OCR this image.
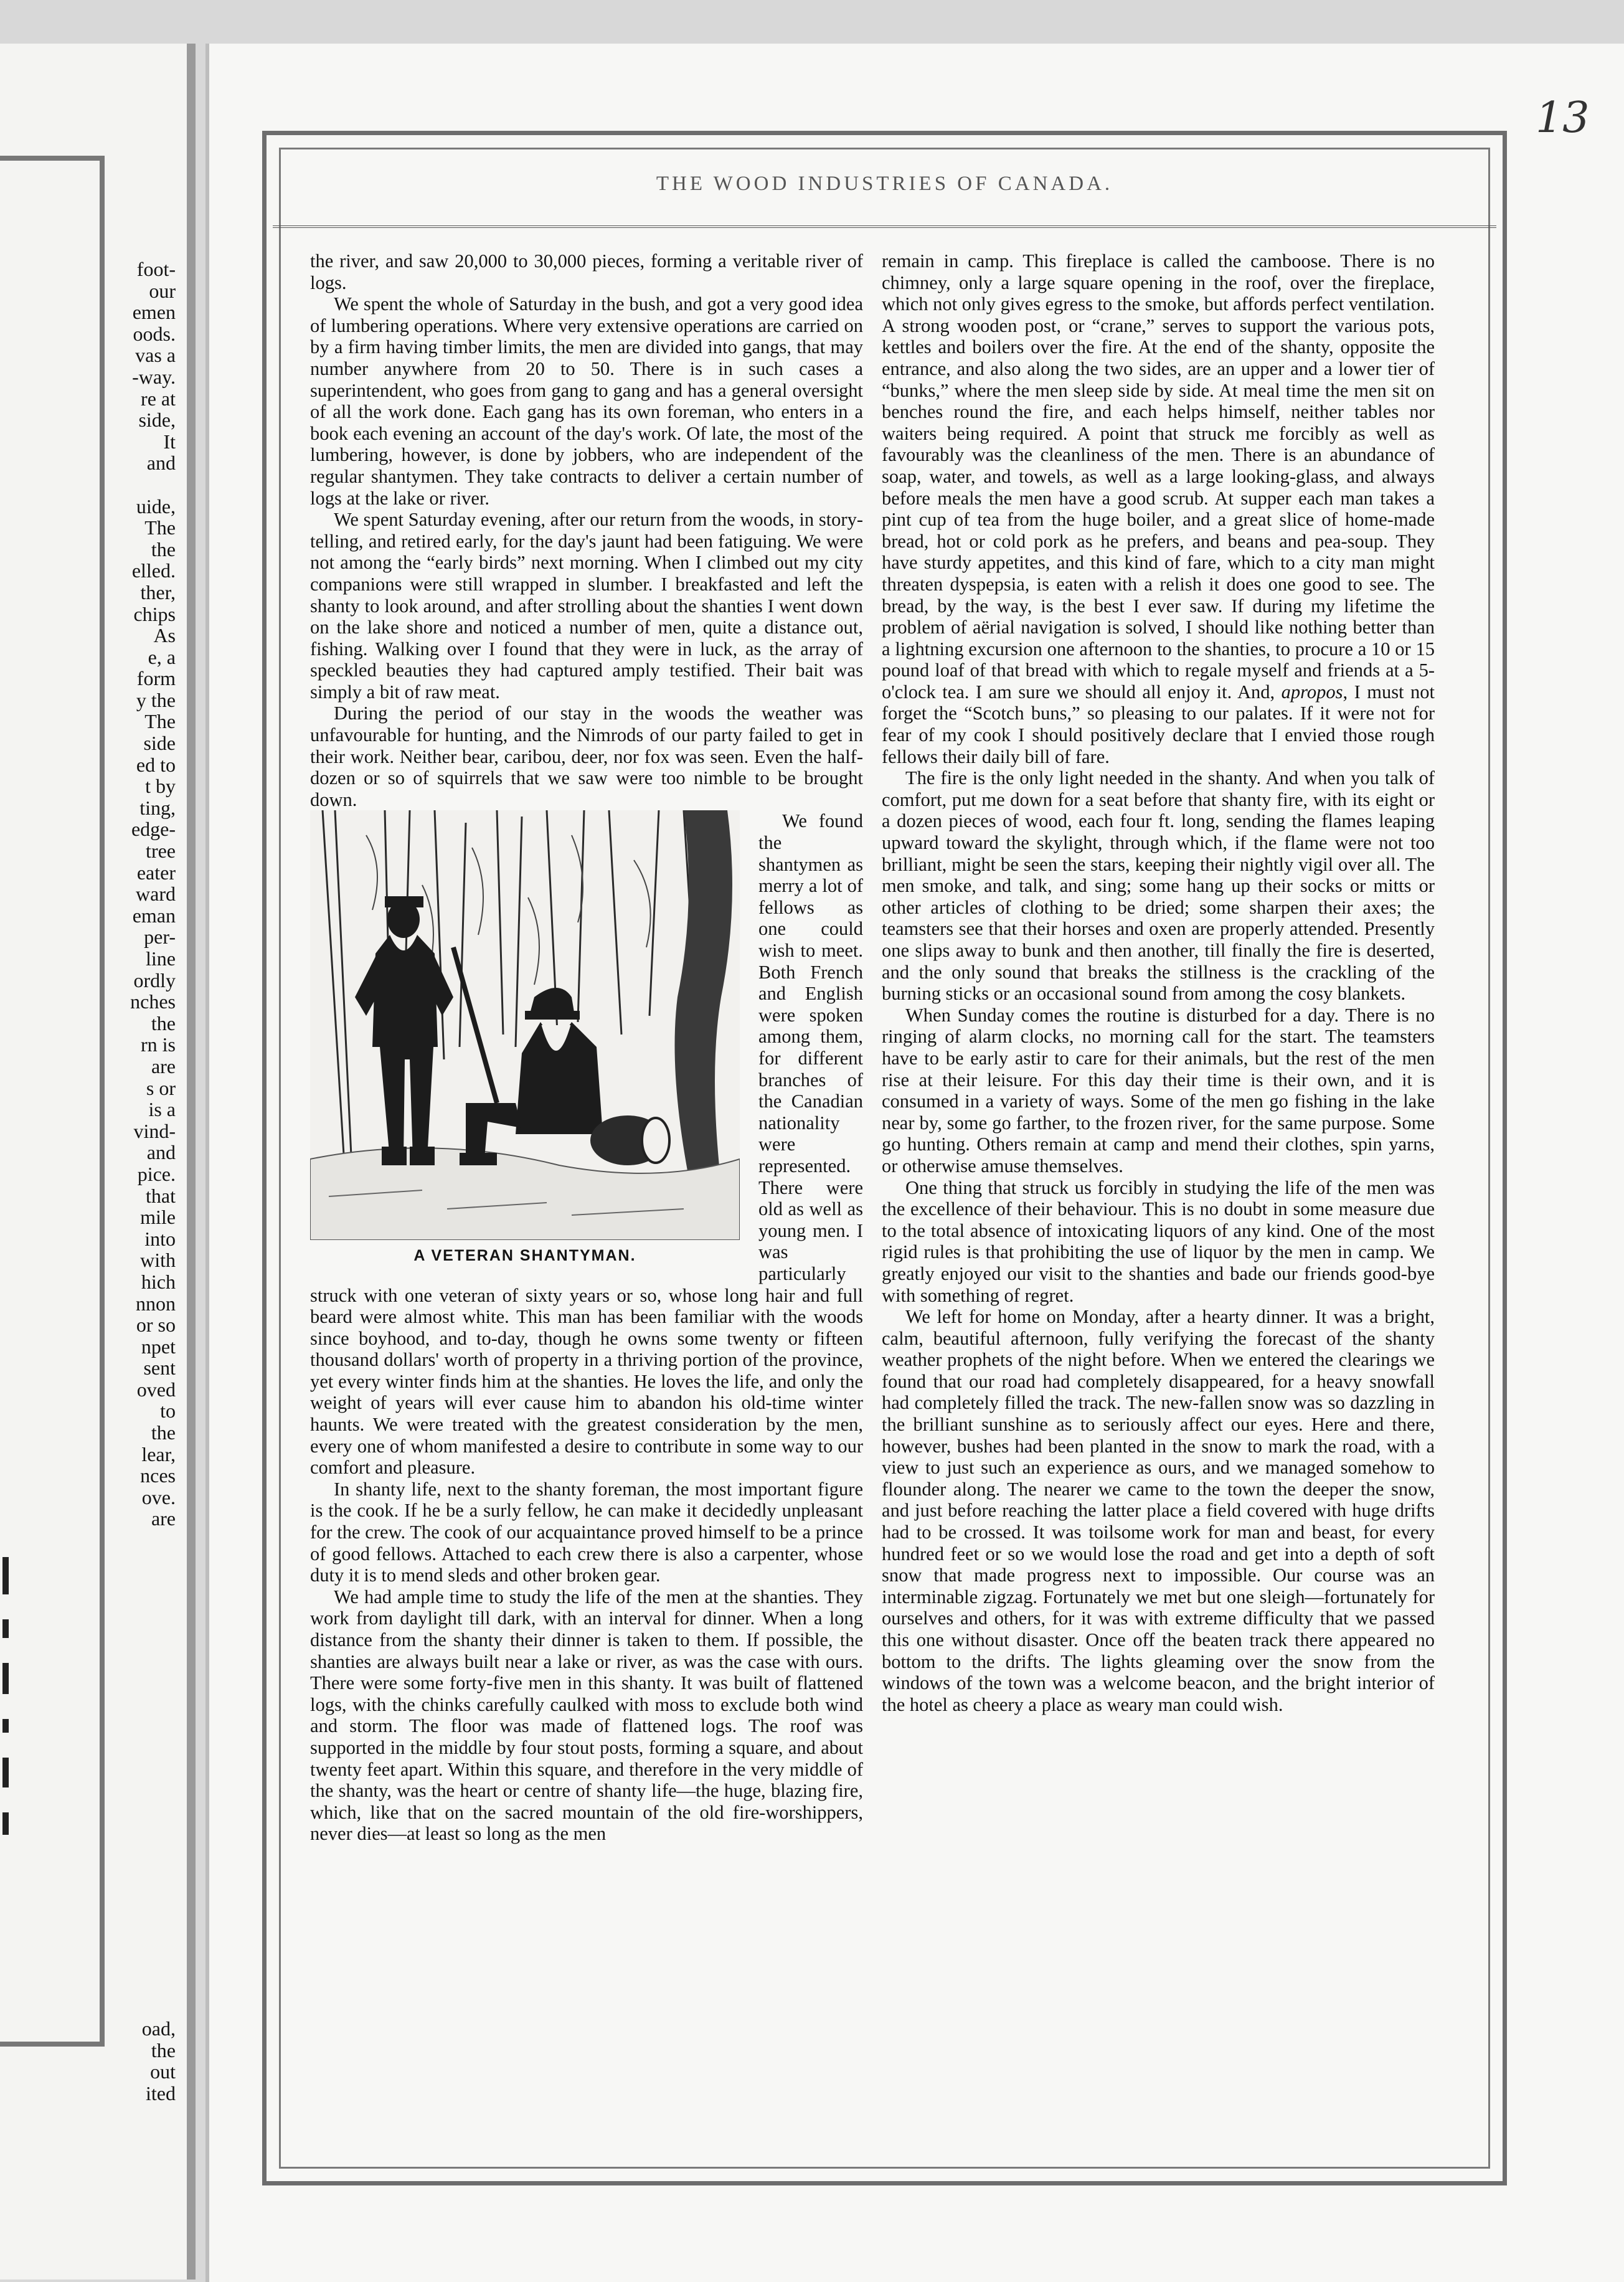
foot-
our
emen
oods.
vas a
-way.
re at
side,
It
and
uide,
The
the
elled.
ther,
chips
As
e, a
form
y the
The
side
ed to
t by
ting,
edge-
tree
eater
ward
eman
per-
line
ordly
nches
the
rn is
are
s or
is a
vind-
and
pice.
that
mile
into
with
hich
nnon
or so
npet
sent
oved
to
the
lear,
nces
ove.
are
oad,
the
out
ited
13
THE WOOD INDUSTRIES OF CANADA.

the river, and saw 20,000 to 30,000 pieces, forming a veritable river of logs.

We spent the whole of Saturday in the bush, and got a very good idea of lumbering operations. Where very extensive operations are carried on by a firm having timber limits, the men are divided into gangs, that may number anywhere from 20 to 50. There is in such cases a superintendent, who goes from gang to gang and has a general oversight of all the work done. Each gang has its own foreman, who enters in a book each evening an account of the day's work. Of late, the most of the lumbering, however, is done by jobbers, who are independent of the regular shantymen. They take contracts to deliver a certain number of logs at the lake or river.

We spent Saturday evening, after our return from the woods, in story-telling, and retired early, for the day's jaunt had been fatiguing. We were not among the “early birds” next morning. When I climbed out my city companions were still wrapped in slumber. I breakfasted and left the shanty to look around, and after strolling about the shanties I went down on the lake shore and noticed a number of men, quite a distance out, fishing. Walking over I found that they were in luck, as the array of speckled beauties they had captured amply testified. Their bait was simply a bit of raw meat.

During the period of our stay in the woods the weather was unfavourable for hunting, and the Nimrods of our party failed to get in their work. Neither bear, caribou, deer, nor fox was seen. Even the half-dozen or so of squirrels that we saw were too nimble to be brought down.

A VETERAN SHANTYMAN.

We found the shantymen as merry a lot of fellows as one could wish to meet. Both French and English were spoken among them, for different branches of the Canadian nationality were represented. There were old as well as young men. I was particularly struck with one veteran of sixty years or so, whose long hair and full beard were almost white. This man has been familiar with the woods since boyhood, and to-day, though he owns some twenty or fifteen thousand dollars' worth of property in a thriving portion of the province, yet every winter finds him at the shanties. He loves the life, and only the weight of years will ever cause him to abandon his old-time winter haunts. We were treated with the greatest consideration by the men, every one of whom manifested a desire to contribute in some way to our comfort and pleasure.

In shanty life, next to the shanty foreman, the most important figure is the cook. If he be a surly fellow, he can make it decidedly unpleasant for the crew. The cook of our acquaintance proved himself to be a prince of good fellows. Attached to each crew there is also a carpenter, whose duty it is to mend sleds and other broken gear.

We had ample time to study the life of the men at the shanties. They work from daylight till dark, with an interval for dinner. When a long distance from the shanty their dinner is taken to them. If possible, the shanties are always built near a lake or river, as was the case with ours. There were some forty-five men in this shanty. It was built of flattened logs, with the chinks carefully caulked with moss to exclude both wind and storm. The floor was made of flattened logs. The roof was supported in the middle by four stout posts, forming a square, and about twenty feet apart. Within this square, and therefore in the very middle of the shanty, was the heart or centre of shanty life—the huge, blazing fire, which, like that on the sacred mountain of the old fire-worshippers, never dies—at least so long as the men

remain in camp. This fireplace is called the camboose. There is no chimney, only a large square opening in the roof, over the fireplace, which not only gives egress to the smoke, but affords perfect ventilation. A strong wooden post, or “crane,” serves to support the various pots, kettles and boilers over the fire. At the end of the shanty, opposite the entrance, and also along the two sides, are an upper and a lower tier of “bunks,” where the men sleep side by side. At meal time the men sit on benches round the fire, and each helps himself, neither tables nor waiters being required. A point that struck me forcibly as well as favourably was the cleanliness of the men. There is an abundance of soap, water, and towels, as well as a large looking-glass, and always before meals the men have a good scrub. At supper each man takes a pint cup of tea from the huge boiler, and a great slice of home-made bread, hot or cold pork as he prefers, and beans and pea-soup. They have sturdy appetites, and this kind of fare, which to a city man might threaten dyspepsia, is eaten with a relish it does one good to see. The bread, by the way, is the best I ever saw. If during my lifetime the problem of aërial navigation is solved, I should like nothing better than a lightning excursion one afternoon to the shanties, to procure a 10 or 15 pound loaf of that bread with which to regale myself and friends at a 5-o'clock tea. I am sure we should all enjoy it. And, apropos, I must not forget the “Scotch buns,” so pleasing to our palates. If it were not for fear of my cook I should positively declare that I envied those rough fellows their daily bill of fare.

The fire is the only light needed in the shanty. And when you talk of comfort, put me down for a seat before that shanty fire, with its eight or a dozen pieces of wood, each four ft. long, sending the flames leaping upward toward the skylight, through which, if the flame were not too brilliant, might be seen the stars, keeping their nightly vigil over all. The men smoke, and talk, and sing; some hang up their socks or mitts or other articles of clothing to be dried; some sharpen their axes; the teamsters see that their horses and oxen are properly attended. Presently one slips away to bunk and then another, till finally the fire is deserted, and the only sound that breaks the stillness is the crackling of the burning sticks or an occasional sound from among the cosy blankets.

When Sunday comes the routine is disturbed for a day. There is no ringing of alarm clocks, no morning call for the start. The teamsters have to be early astir to care for their animals, but the rest of the men rise at their leisure. For this day their time is their own, and it is consumed in a variety of ways. Some of the men go fishing in the lake near by, some go farther, to the frozen river, for the same purpose. Some go hunting. Others remain at camp and mend their clothes, spin yarns, or otherwise amuse themselves.

One thing that struck us forcibly in studying the life of the men was the excellence of their behaviour. This is no doubt in some measure due to the total absence of intoxicating liquors of any kind. One of the most rigid rules is that prohibiting the use of liquor by the men in camp. We greatly enjoyed our visit to the shanties and bade our friends good-bye with something of regret.

We left for home on Monday, after a hearty dinner. It was a bright, calm, beautiful afternoon, fully verifying the forecast of the shanty weather prophets of the night before. When we entered the clearings we found that our road had completely disappeared, for a heavy snowfall had completely filled the track. The new-fallen snow was so dazzling in the brilliant sunshine as to seriously affect our eyes. Here and there, however, bushes had been planted in the snow to mark the road, with a view to just such an experience as ours, and we managed somehow to flounder along. The nearer we came to the town the deeper the snow, and just before reaching the latter place a field covered with huge drifts had to be crossed. It was toilsome work for man and beast, for every hundred feet or so we would lose the road and get into a depth of soft snow that made progress next to impossible. Our course was an interminable zigzag. Fortunately we met but one sleigh—fortunately for ourselves and others, for it was with extreme difficulty that we passed this one without disaster. Once off the beaten track there appeared no bottom to the drifts. The lights gleaming over the snow from the windows of the town was a welcome beacon, and the bright interior of the hotel as cheery a place as weary man could wish.
